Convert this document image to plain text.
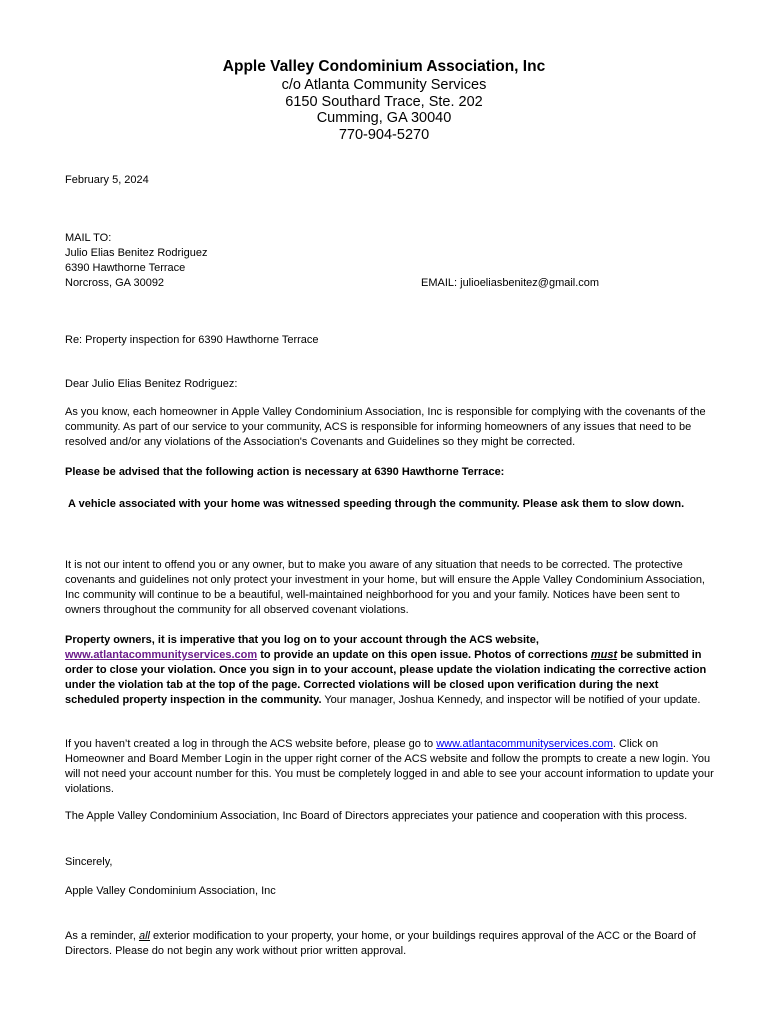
Apple Valley Condominium Association, Inc
c/o Atlanta Community Services
6150 Southard Trace, Ste. 202
Cumming, GA 30040
770-904-5270
February 5, 2024
MAIL TO:
Julio Elias Benitez Rodriguez
6390 Hawthorne Terrace
Norcross, GA 30092	EMAIL: julioeliasbenitez@gmail.com
Re: Property inspection for 6390 Hawthorne Terrace
Dear Julio Elias Benitez Rodriguez:
As you know, each homeowner in Apple Valley Condominium Association, Inc is responsible for complying with the covenants of the community. As part of our service to your community, ACS is responsible for informing homeowners of any issues that need to be resolved and/or any violations of the Association's Covenants and Guidelines so they might be corrected.
Please be advised that the following action is necessary at 6390 Hawthorne Terrace:
A vehicle associated with your home was witnessed speeding through the community. Please ask them to slow down.
It is not our intent to offend you or any owner, but to make you aware of any situation that needs to be corrected. The protective covenants and guidelines not only protect your investment in your home, but will ensure the Apple Valley Condominium Association, Inc community will continue to be a beautiful, well-maintained neighborhood for you and your family. Notices have been sent to owners throughout the community for all observed covenant violations.
Property owners, it is imperative that you log on to your account through the ACS website, www.atlantacommunityservices.com to provide an update on this open issue. Photos of corrections must be submitted in order to close your violation. Once you sign in to your account, please update the violation indicating the corrective action under the violation tab at the top of the page. Corrected violations will be closed upon verification during the next scheduled property inspection in the community. Your manager, Joshua Kennedy, and inspector will be notified of your update.
If you haven’t created a log in through the ACS website before, please go to www.atlantacommunityservices.com. Click on Homeowner and Board Member Login in the upper right corner of the ACS website and follow the prompts to create a new login. You will not need your account number for this. You must be completely logged in and able to see your account information to update your violations.
The Apple Valley Condominium Association, Inc Board of Directors appreciates your patience and cooperation with this process.
Sincerely,
Apple Valley Condominium Association, Inc
As a reminder, all exterior modification to your property, your home, or your buildings requires approval of the ACC or the Board of Directors. Please do not begin any work without prior written approval.
